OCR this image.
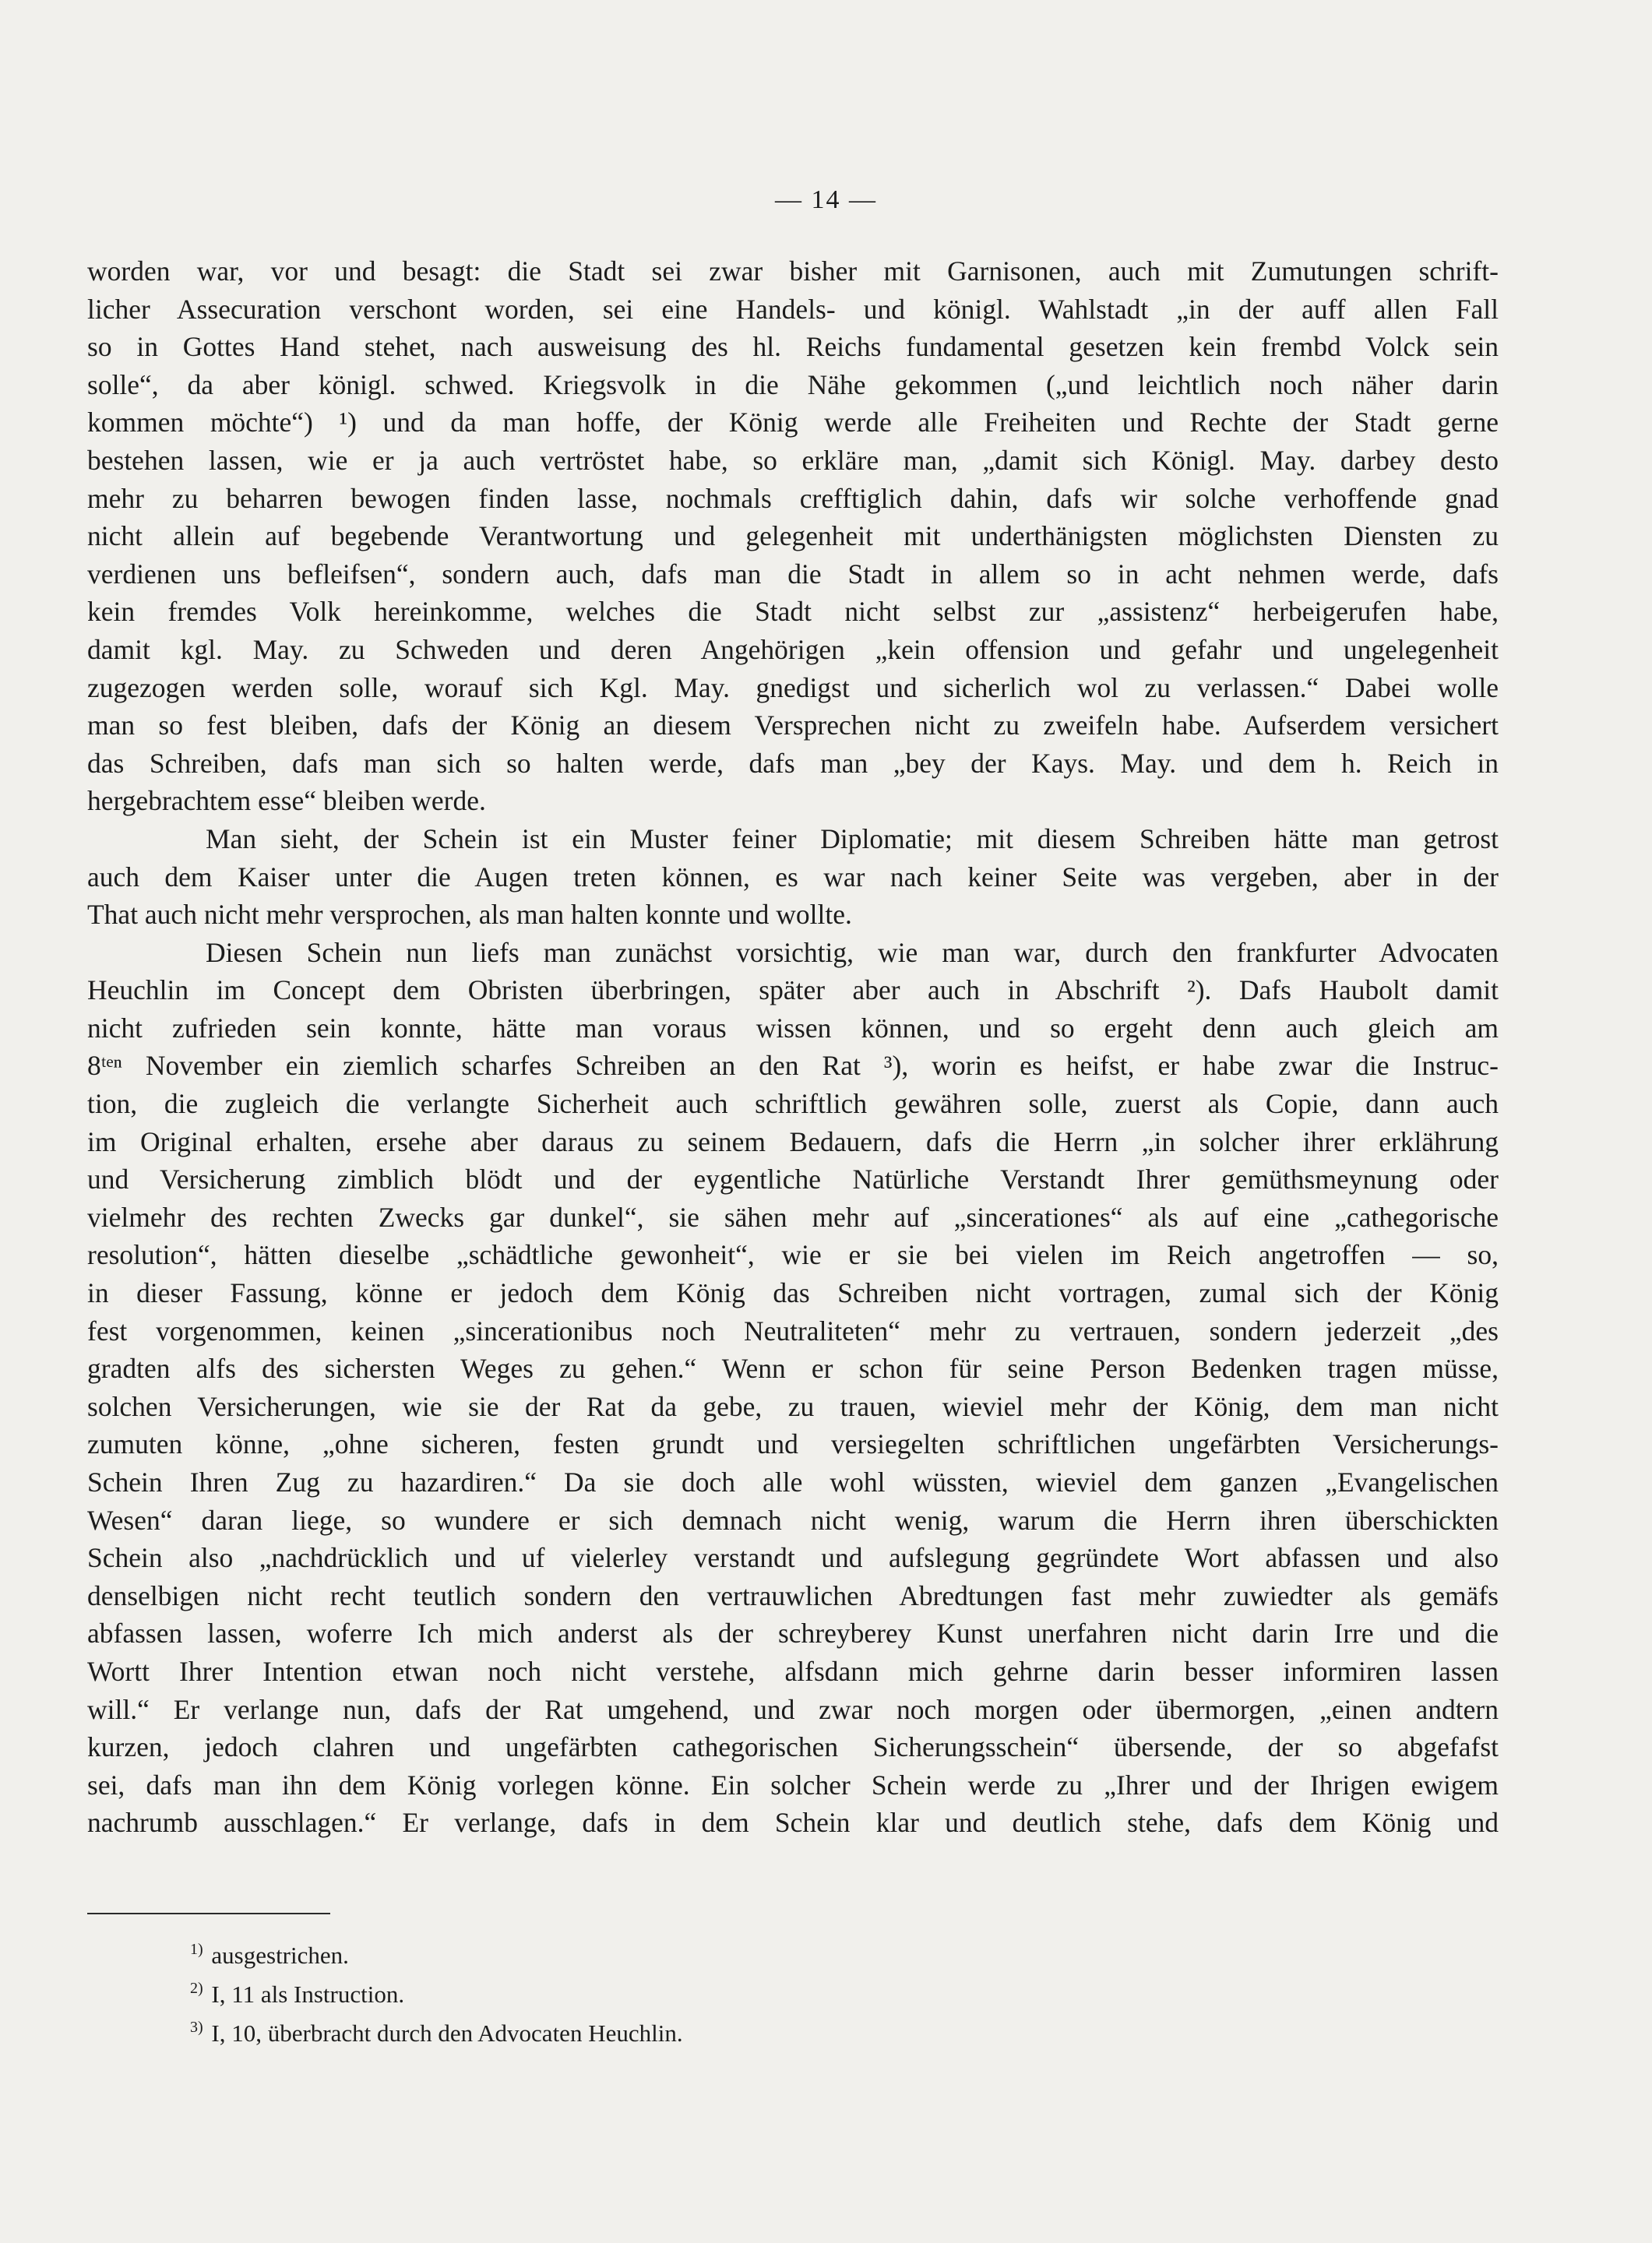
— 14 —
worden war, vor und besagt: die Stadt sei zwar bisher mit Garnisonen, auch mit Zumutungen schrift-
licher Assecuration verschont worden, sei eine Handels- und königl. Wahlstadt „in der auff allen Fall
so in Gottes Hand stehet, nach ausweisung des hl. Reichs fundamental gesetzen kein frembd Volck sein
solle“, da aber königl. schwed. Kriegsvolk in die Nähe gekommen („und leichtlich noch näher darin
kommen möchte“) ¹) und da man hoffe, der König werde alle Freiheiten und Rechte der Stadt gerne
bestehen lassen, wie er ja auch vertröstet habe, so erkläre man, „damit sich Königl. May. darbey desto
mehr zu beharren bewogen finden lasse, nochmals crefftiglich dahin, dafs wir solche verhoffende gnad
nicht allein auf begebende Verantwortung und gelegenheit mit underthänigsten möglichsten Diensten zu
verdienen uns befleifsen“, sondern auch, dafs man die Stadt in allem so in acht nehmen werde, dafs
kein fremdes Volk hereinkomme, welches die Stadt nicht selbst zur „assistenz“ herbeigerufen habe,
damit kgl. May. zu Schweden und deren Angehörigen „kein offension und gefahr und ungelegenheit
zugezogen werden solle, worauf sich Kgl. May. gnedigst und sicherlich wol zu verlassen.“ Dabei wolle
man so fest bleiben, dafs der König an diesem Versprechen nicht zu zweifeln habe. Aufserdem versichert
das Schreiben, dafs man sich so halten werde, dafs man „bey der Kays. May. und dem h. Reich in
hergebrachtem esse“ bleiben werde.
Man sieht, der Schein ist ein Muster feiner Diplomatie; mit diesem Schreiben hätte man getrost
auch dem Kaiser unter die Augen treten können, es war nach keiner Seite was vergeben, aber in der
That auch nicht mehr versprochen, als man halten konnte und wollte.
Diesen Schein nun liefs man zunächst vorsichtig, wie man war, durch den frankfurter Advocaten
Heuchlin im Concept dem Obristen überbringen, später aber auch in Abschrift ²). Dafs Haubolt damit
nicht zufrieden sein konnte, hätte man voraus wissen können, und so ergeht denn auch gleich am
8ᵗᵉⁿ November ein ziemlich scharfes Schreiben an den Rat ³), worin es heifst, er habe zwar die Instruc-
tion, die zugleich die verlangte Sicherheit auch schriftlich gewähren solle, zuerst als Copie, dann auch
im Original erhalten, ersehe aber daraus zu seinem Bedauern, dafs die Herrn „in solcher ihrer erklährung
und Versicherung zimblich blödt und der eygentliche Natürliche Verstandt Ihrer gemüthsmeynung oder
vielmehr des rechten Zwecks gar dunkel“, sie sähen mehr auf „sincerationes“ als auf eine „cathegorische
resolution“, hätten dieselbe „schädtliche gewonheit“, wie er sie bei vielen im Reich angetroffen — so,
in dieser Fassung, könne er jedoch dem König das Schreiben nicht vortragen, zumal sich der König
fest vorgenommen, keinen „sincerationibus noch Neutraliteten“ mehr zu vertrauen, sondern jederzeit „des
gradten alfs des sichersten Weges zu gehen.“ Wenn er schon für seine Person Bedenken tragen müsse,
solchen Versicherungen, wie sie der Rat da gebe, zu trauen, wieviel mehr der König, dem man nicht
zumuten könne, „ohne sicheren, festen grundt und versiegelten schriftlichen ungefärbten Versicherungs-
Schein Ihren Zug zu hazardiren.“ Da sie doch alle wohl wüssten, wieviel dem ganzen „Evangelischen
Wesen“ daran liege, so wundere er sich demnach nicht wenig, warum die Herrn ihren überschickten
Schein also „nachdrücklich und uf vielerley verstandt und aufslegung gegründete Wort abfassen und also
denselbigen nicht recht teutlich sondern den vertrauwlichen Abredtungen fast mehr zuwiedter als gemäfs
abfassen lassen, woferre Ich mich anderst als der schreyberey Kunst unerfahren nicht darin Irre und die
Wortt Ihrer Intention etwan noch nicht verstehe, alfsdann mich gehrne darin besser informiren lassen
will.“ Er verlange nun, dafs der Rat umgehend, und zwar noch morgen oder übermorgen, „einen andtern
kurzen, jedoch clahren und ungefärbten cathegorischen Sicherungsschein“ übersende, der so abgefafst
sei, dafs man ihn dem König vorlegen könne. Ein solcher Schein werde zu „Ihrer und der Ihrigen ewigem
nachrumb ausschlagen.“ Er verlange, dafs in dem Schein klar und deutlich stehe, dafs dem König und
$^{1)}$ ausgestrichen.
$^{2)}$ I, 11 als Instruction.
$^{3)}$ I, 10, überbracht durch den Advocaten Heuchlin.
